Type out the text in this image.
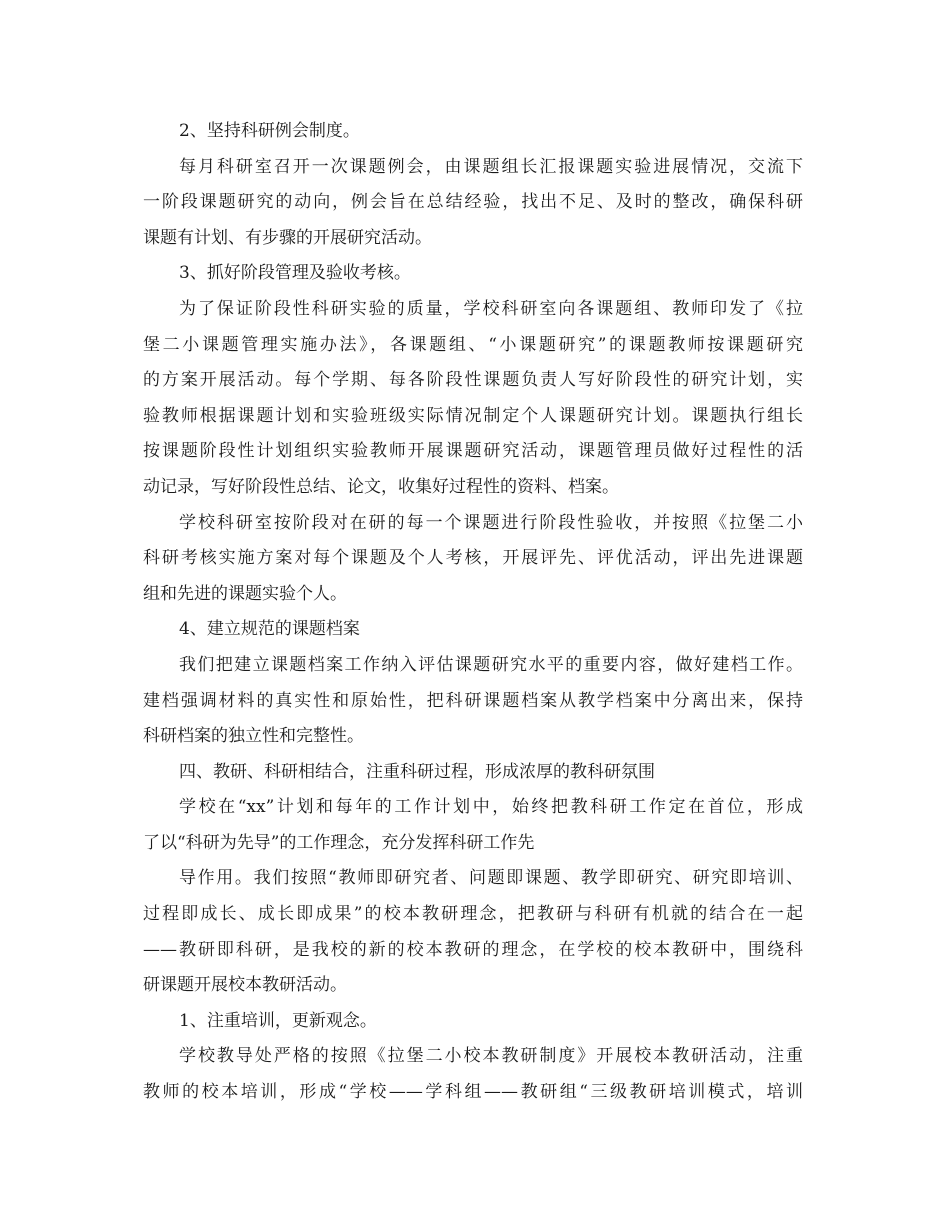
2、坚持科研例会制度。
每月科研室召开一次课题例会，由课题组长汇报课题实验进展情况，交流下
一阶段课题研究的动向，例会旨在总结经验，找出不足、及时的整改，确保科研
课题有计划、有步骤的开展研究活动。
3、抓好阶段管理及验收考核。
为了保证阶段性科研实验的质量，学校科研室向各课题组、教师印发了《拉
堡二小课题管理实施办法》，各课题组、“小课题研究”的课题教师按课题研究
的方案开展活动。每个学期、每各阶段性课题负责人写好阶段性的研究计划，实
验教师根据课题计划和实验班级实际情况制定个人课题研究计划。课题执行组长
按课题阶段性计划组织实验教师开展课题研究活动，课题管理员做好过程性的活
动记录，写好阶段性总结、论文，收集好过程性的资料、档案。
学校科研室按阶段对在研的每一个课题进行阶段性验收，并按照《拉堡二小
科研考核实施方案对每个课题及个人考核，开展评先、评优活动，评出先进课题
组和先进的课题实验个人。
4、建立规范的课题档案
我们把建立课题档案工作纳入评估课题研究水平的重要内容，做好建档工作。
建档强调材料的真实性和原始性，把科研课题档案从教学档案中分离出来，保持
科研档案的独立性和完整性。
四、教研、科研相结合，注重科研过程，形成浓厚的教科研氛围
学校在“xx”计划和每年的工作计划中，始终把教科研工作定在首位，形成
了以“科研为先导”的工作理念，充分发挥科研工作先
导作用。我们按照“教师即研究者、问题即课题、教学即研究、研究即培训、
过程即成长、成长即成果”的校本教研理念，把教研与科研有机就的结合在一起
——教研即科研，是我校的新的校本教研的理念，在学校的校本教研中，围绕科
研课题开展校本教研活动。
1、注重培训，更新观念。
学校教导处严格的按照《拉堡二小校本教研制度》开展校本教研活动，注重
教师的校本培训，形成“学校——学科组——教研组“三级教研培训模式，培训
